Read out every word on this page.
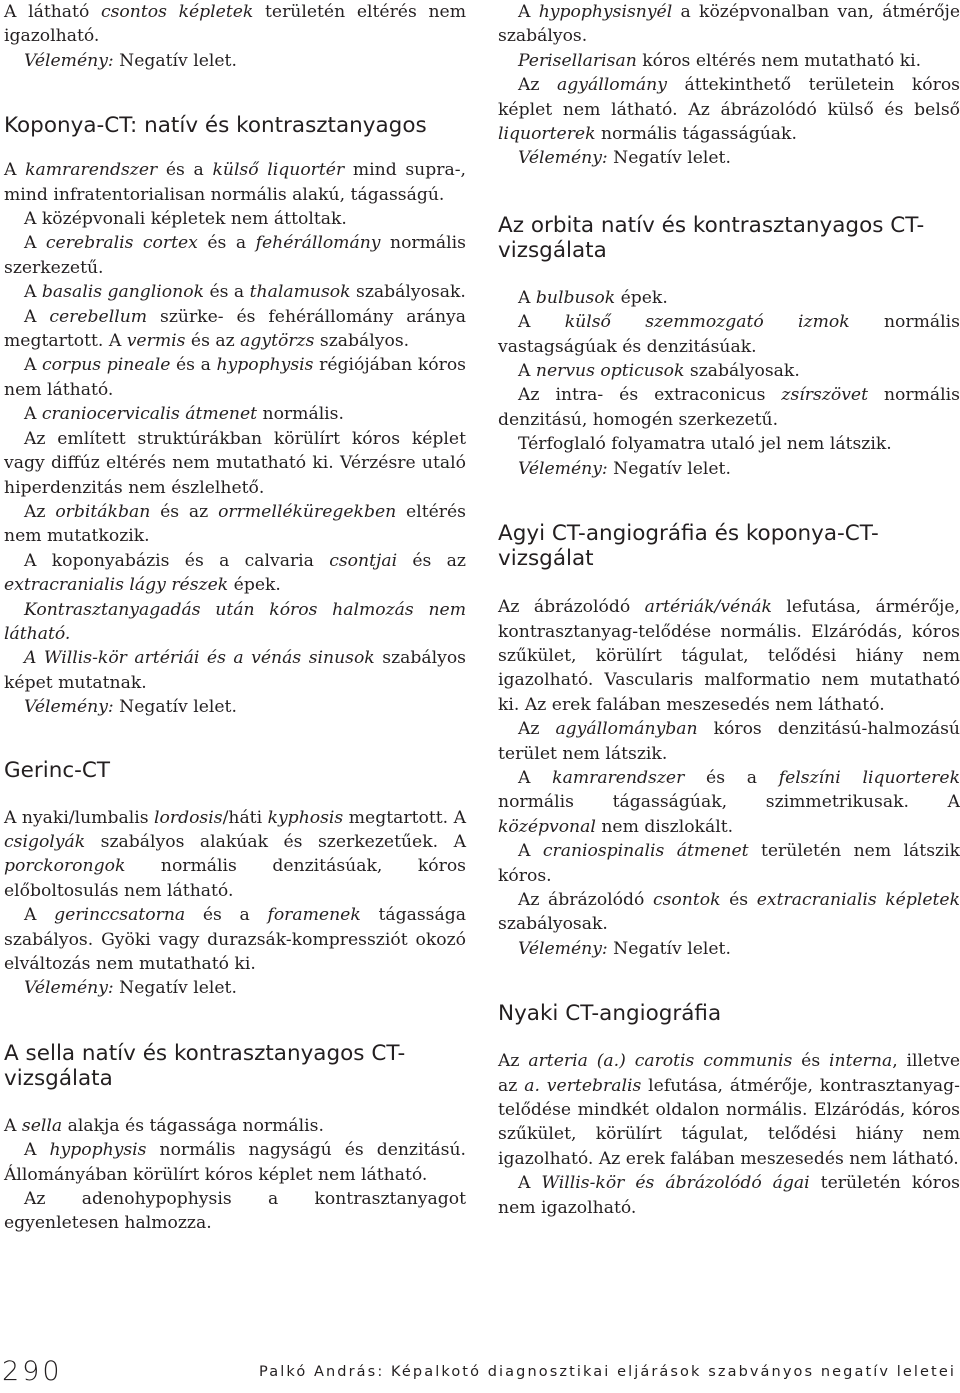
A látható csontos képletek területén eltérés nem igazolható.

Vélemény: Negatív lelet.

Koponya-CT: natív és kontrasztanyagos

A kamrarendszer és a külső liquortér mind supra-, mind infratentorialisan normális alakú, tágasságú.

A középvonali képletek nem áttoltak.

A cerebralis cortex és a fehérállomány normális szerkezetű.

A basalis ganglionok és a thalamusok szabályosak.

A cerebellum szürke- és fehérállomány aránya megtartott. A vermis és az agytörzs szabályos.

A corpus pineale és a hypophysis régiójában kóros nem látható.

A craniocervicalis átmenet normális.

Az említett struktúrákban körülírt kóros képlet vagy diffúz eltérés nem mutatható ki. Vérzésre utaló hiperdenzitás nem észlelhető.

Az orbitákban és az orrmelléküregekben eltérés nem mutatkozik.

A koponyabázis és a calvaria csontjai és az extracranialis lágy részek épek.

Kontrasztanyagadás után kóros halmozás nem látható.

A Willis-kör artériái és a vénás sinusok szabályos képet mutatnak.

Vélemény: Negatív lelet.

Gerinc-CT

A nyaki/lumbalis lordosis/háti kyphosis megtartott. A csigolyák szabályos alakúak és szerkezetűek. A porckorongok normális denzitásúak, kóros előboltosulás nem látható.

A gerinccsatorna és a foramenek tágassága szabályos. Gyöki vagy durazsák-kompressziót okozó elváltozás nem mutatható ki.

Vélemény: Negatív lelet.

A sella natív és kontrasztanyagos CT-vizsgálata

A sella alakja és tágassága normális.

A hypophysis normális nagyságú és denzitású. Állományában körülírt kóros képlet nem látható.

Az adenohypophysis a kontrasztanyagot egyenletesen halmozza.

A hypophysisnyél a középvonalban van, átmérője szabályos.

Perisellarisan kóros eltérés nem mutatható ki.

Az agyállomány áttekinthető területein kóros képlet nem látható. Az ábrázolódó külső és belső liquorterek normális tágasságúak.

Vélemény: Negatív lelet.

Az orbita natív és kontrasztanyagos CT-vizsgálata

A bulbusok épek.

A külső szemmozgató izmok normális vastagságúak és denzitásúak.

A nervus opticusok szabályosak.

Az intra- és extraconicus zsírszövet normális denzitású, homogén szerkezetű.

Térfoglaló folyamatra utaló jel nem látszik.

Vélemény: Negatív lelet.

Agyi CT-angiográfia és koponya-CT-vizsgálat

Az ábrázolódó artériák/vénák lefutása, ármérője, kontrasztanyag-telődése normális. Elzáródás, kóros szűkület, körülírt tágulat, telődési hiány nem igazolható. Vascularis malformatio nem mutatható ki. Az erek falában meszesedés nem látható.

Az agyállományban kóros denzitású-halmozású terület nem látszik.

A kamrarendszer és a felszíni liquorterek normális tágasságúak, szimmetrikusak. A középvonal nem diszlokált.

A craniospinalis átmenet területén nem látszik kóros.

Az ábrázolódó csontok és extracranialis képletek szabályosak.

Vélemény: Negatív lelet.

Nyaki CT-angiográfia

Az arteria (a.) carotis communis és interna, illetve az a. vertebralis lefutása, átmérője, kontrasztanyag-telődése mindkét oldalon normális. Elzáródás, kóros szűkület, körülírt tágulat, telődési hiány nem igazolható. Az erek falában meszesedés nem látható.

A Willis-kör és ábrázolódó ágai területén kóros nem igazolható.

290	Palkó András: Képalkotó diagnosztikai eljárások szabványos negatív leletei
